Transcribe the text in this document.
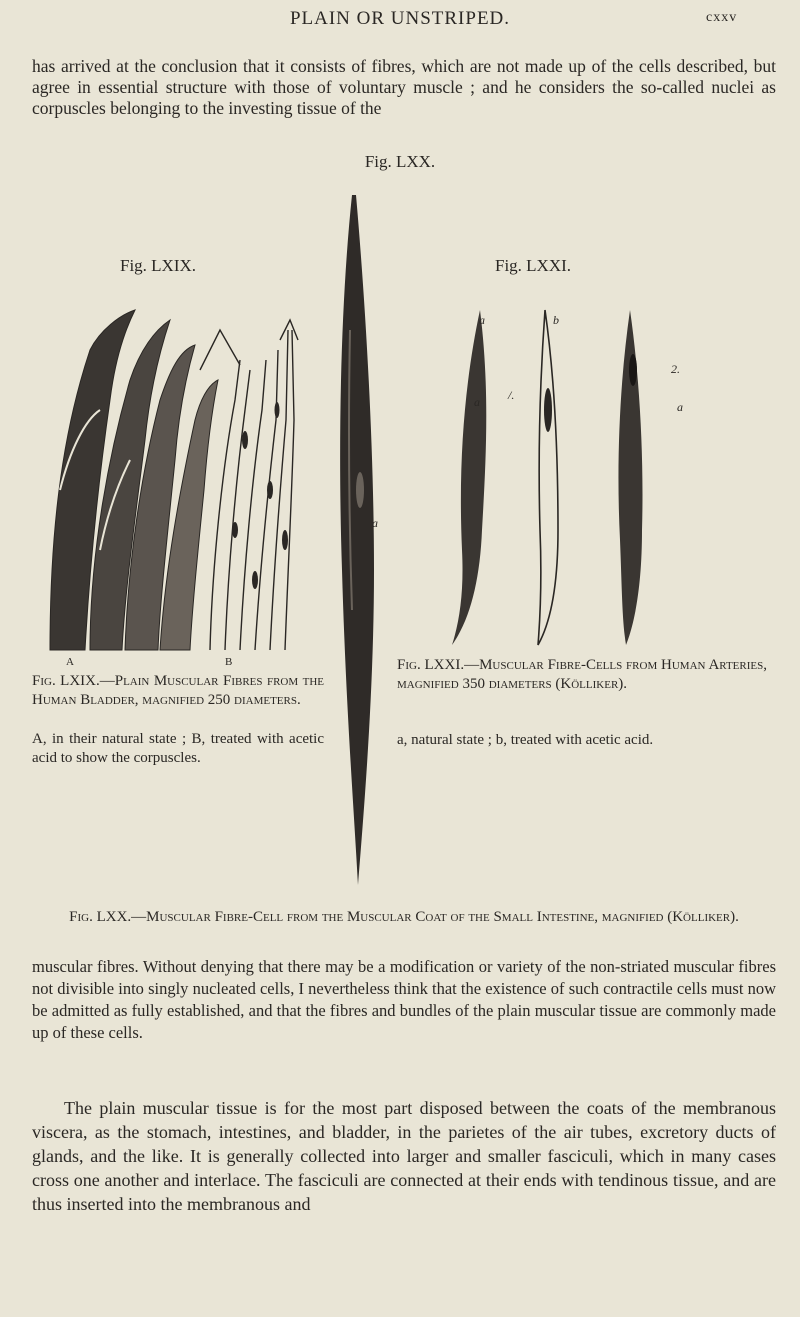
PLAIN OR UNSTRIPED.	cxxv
has arrived at the conclusion that it consists of fibres, which are not made up of the cells described, but agree in essential structure with those of voluntary muscle ; and he considers the so-called nuclei as corpuscles belonging to the investing tissue of the
Fig. LXX.
Fig. LXIX.
A	B
Fig. LXIX.—Plain Muscular Fibres from the Human Bladder, magnified 250 diameters.
A, in their natural state ; B, treated with acetic acid to show the corpuscles.
a
Fig. LXXI.
a	b
a /.
2.
a
Fig. LXXI.—Muscular Fibre-Cells from Human Arteries, magnified 350 diameters (Kölliker).
a, natural state ; b, treated with acetic acid.
Fig. LXX.—Muscular Fibre-Cell from the Muscular Coat of the Small Intestine, magnified (Kölliker).
muscular fibres. Without denying that there may be a modification or variety of the non-striated muscular fibres not divisible into singly nucleated cells, I nevertheless think that the existence of such contractile cells must now be admitted as fully established, and that the fibres and bundles of the plain muscular tissue are commonly made up of these cells.
The plain muscular tissue is for the most part disposed between the coats of the membranous viscera, as the stomach, intestines, and bladder, in the parietes of the air tubes, excretory ducts of glands, and the like. It is generally collected into larger and smaller fasciculi, which in many cases cross one another and interlace. The fasciculi are connected at their ends with tendinous tissue, and are thus inserted into the membranous and
